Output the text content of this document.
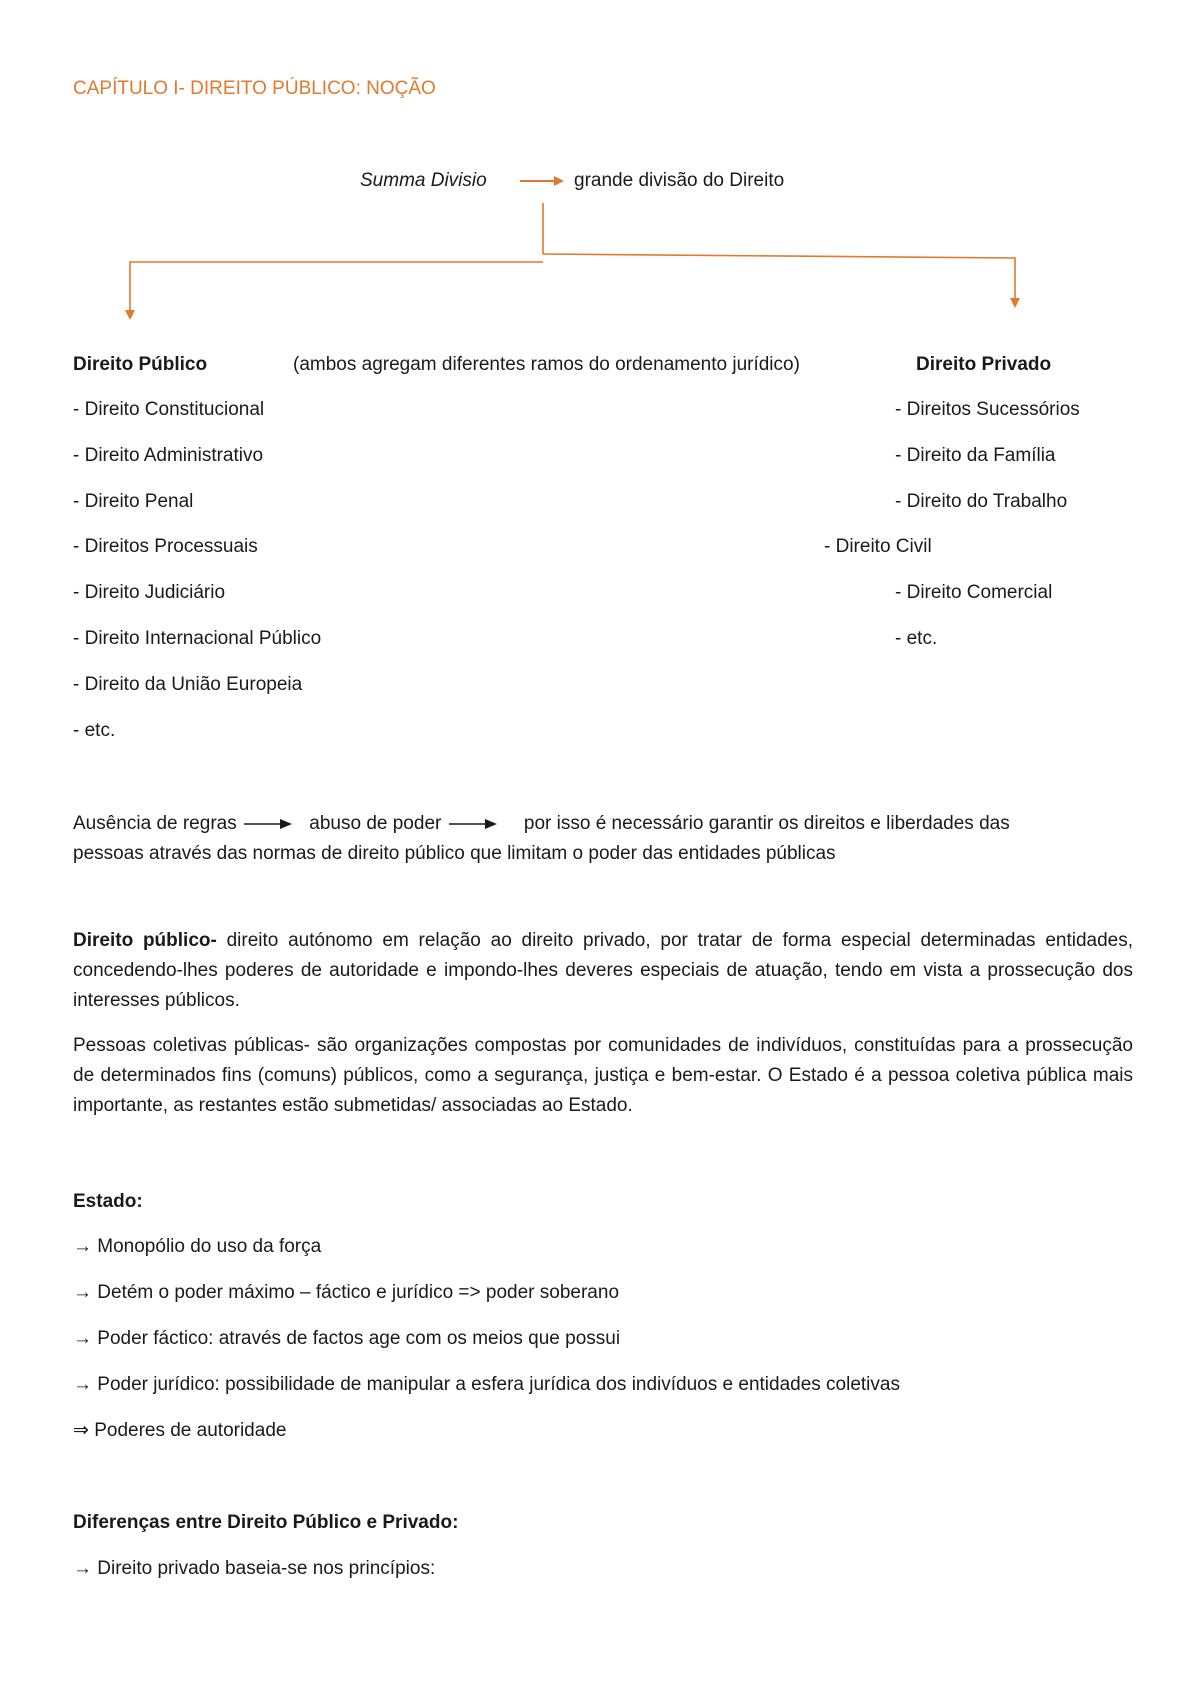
CAPÍTULO I- DIREITO PÚBLICO: NOÇÃO
Summa Divisio	grande divisão do Direito
Direito Público	(ambos agregam diferentes ramos do ordenamento jurídico)	Direito Privado
- Direito Constitucional
- Direito Administrativo
- Direito Penal
- Direitos Processuais
- Direito Judiciário
- Direito Internacional Público
- Direito da União Europeia
- etc.
- Direitos Sucessórios
- Direito da Família
- Direito do Trabalho
- Direito Civil
- Direito Comercial
- etc.
Ausência de regras	abuso de poder	por isso é necessário garantir os direitos e liberdades das
pessoas através das normas de direito público que limitam o poder das entidades públicas
Direito público- direito autónomo em relação ao direito privado, por tratar de forma especial determinadas entidades, concedendo-lhes poderes de autoridade e impondo-lhes deveres especiais de atuação, tendo em vista a prossecução dos interesses públicos.
Pessoas coletivas públicas- são organizações compostas por comunidades de indivíduos, constituídas para a prossecução de determinados fins (comuns) públicos, como a segurança, justiça e bem-estar. O Estado é a pessoa coletiva pública mais importante, as restantes estão submetidas/ associadas ao Estado.
Estado:
→ Monopólio do uso da força
→ Detém o poder máximo – fáctico e jurídico => poder soberano
→ Poder fáctico: através de factos age com os meios que possui
→ Poder jurídico: possibilidade de manipular a esfera jurídica dos indivíduos e entidades coletivas
⇒ Poderes de autoridade
Diferenças entre Direito Público e Privado:
→ Direito privado baseia-se nos princípios:
